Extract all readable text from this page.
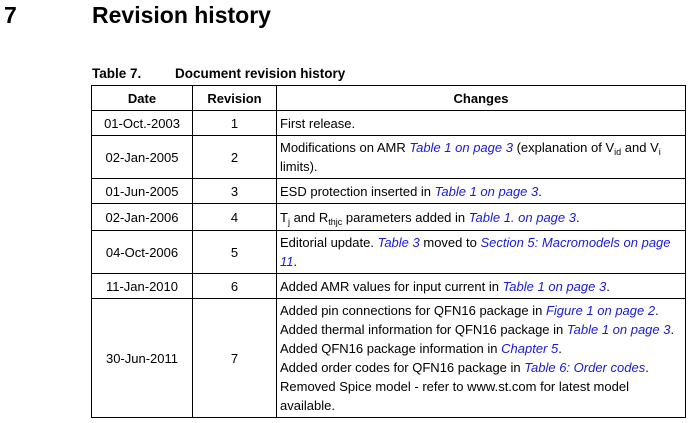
7	Revision history
Table 7. Document revision history
Date	Revision	Changes
01-Oct.-2003	1	First release.
02-Jan-2005	2	Modifications on AMR Table 1 on page 3 (explanation of $V_{id}$ and $V_i$ limits).
01-Jun-2005	3	ESD protection inserted in Table 1 on page 3.
02-Jan-2006	4	$T_j$ and $R_{thjc}$ parameters added in Table 1. on page 3.
04-Oct-2006	5	Editorial update. Table 3 moved to Section 5: Macromodels on page 11.
11-Jan-2010	6	Added AMR values for input current in Table 1 on page 3.
30-Jun-2011	7	Added pin connections for QFN16 package in Figure 1 on page 2.
Added thermal information for QFN16 package in Table 1 on page 3.
Added QFN16 package information in Chapter 5.
Added order codes for QFN16 package in Table 6: Order codes.
Removed Spice model - refer to www.st.com for latest model available.
